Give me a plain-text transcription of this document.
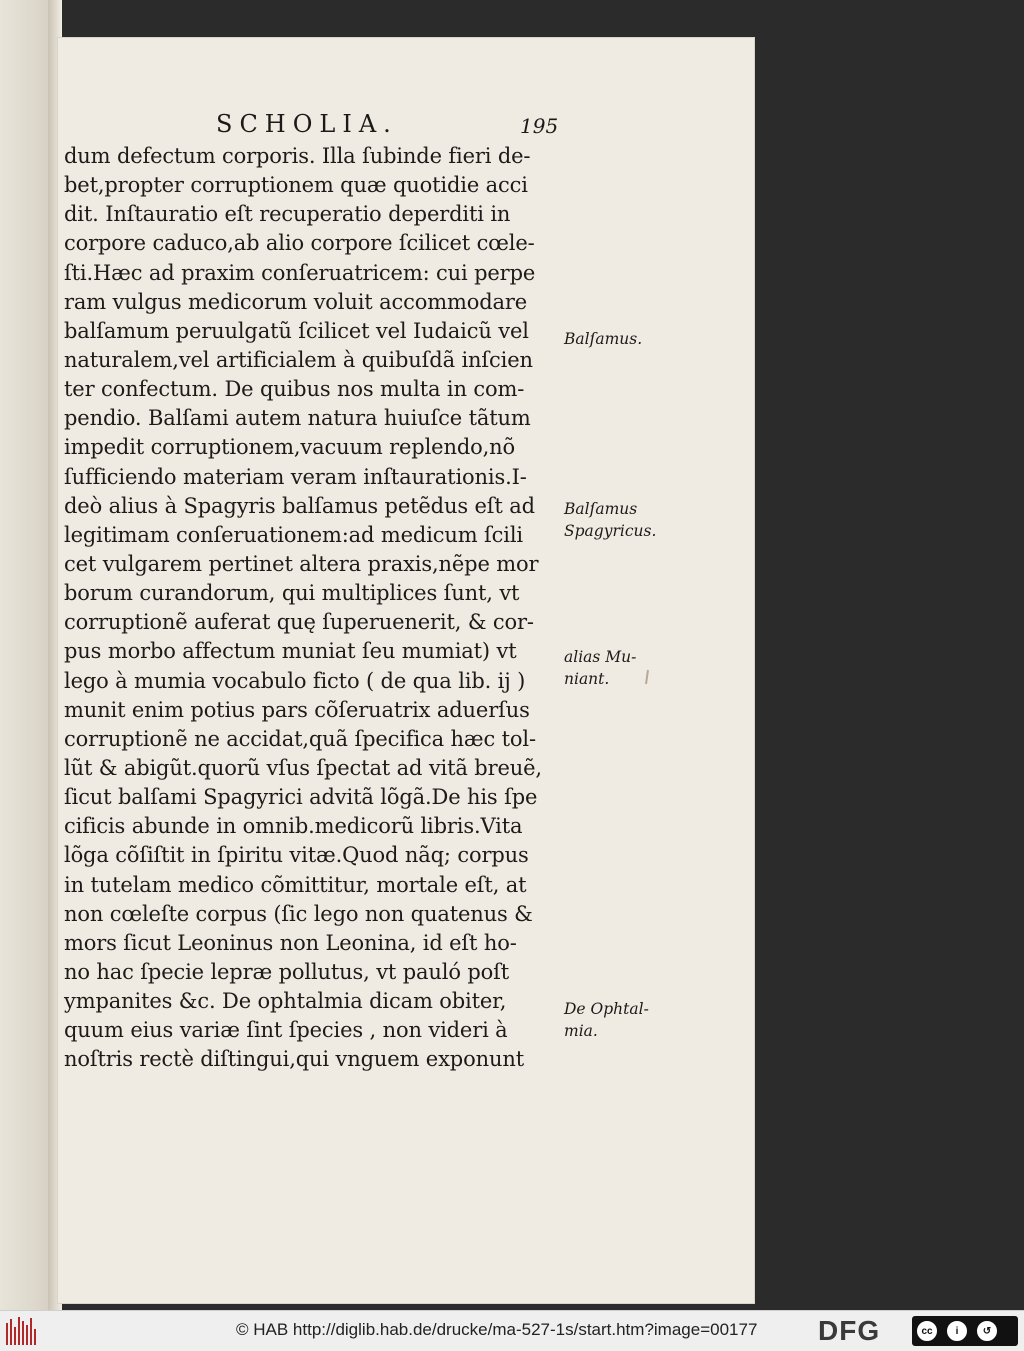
SCHOLIA.	195
dum defectum corporis. Illa ſubinde fieri de-
bet,propter corruptionem quæ quotidie acci
dit. Inſtauratio eſt recuperatio deperditi in
corpore caduco,ab alio corpore ſcilicet cœle-
ſti.Hæc ad praxim conſeruatricem: cui perpe
ram vulgus medicorum voluit accommodare
balſamum peruulgatũ ſcilicet vel Iudaicũ vel
naturalem,vel artificialem à quibuſdã inſcien
ter confectum. De quibus nos multa in com-
pendio. Balſami autem natura huiuſce tãtum
impedit corruptionem,vacuum replendo,nõ
ſufficiendo materiam veram inſtaurationis.I-
deò alius à Spagyris balſamus petẽdus eſt ad
legitimam conſeruationem:ad medicum ſcili
cet vulgarem pertinet altera praxis,nẽpe mor
borum curandorum, qui multiplices ſunt, vt
corruptionẽ auferat quę ſuperuenerit, & cor-
pus morbo affectum muniat ſeu mumiat) vt
lego à mumia vocabulo ficto ( de qua lib. ij )
munit enim potius pars cõſeruatrix aduerſus
corruptionẽ ne accidat,quã ſpecifica hæc tol-
lũt & abigũt.quorũ vſus ſpectat ad vitã breuẽ,
ſicut balſami Spagyrici advitã lõgã.De his ſpe
cificis abunde in omnib.medicorũ libris.Vita
lõga cõſiſtit in ſpiritu vitæ.Quod nãq; corpus
in tutelam medico cõmittitur, mortale eſt, at
non cœleſte corpus (ſic lego non quatenus &
mors ſicut Leoninus non Leonina, id eſt ho-
no hac ſpecie lepræ pollutus, vt pauló poſt
ympanites &c. De ophtalmia dicam obiter,
quum eius variæ ſint ſpecies , non videri à
noſtris rectè diſtingui,qui vnguem exponunt
Balſamus.
Balſamus
Spagyricus.
alias Mu-
niant.
De Ophtal-
mia.
© HAB http://diglib.hab.de/drucke/ma-527-1s/start.htm?image=00177 DFG	cc	i	↺
